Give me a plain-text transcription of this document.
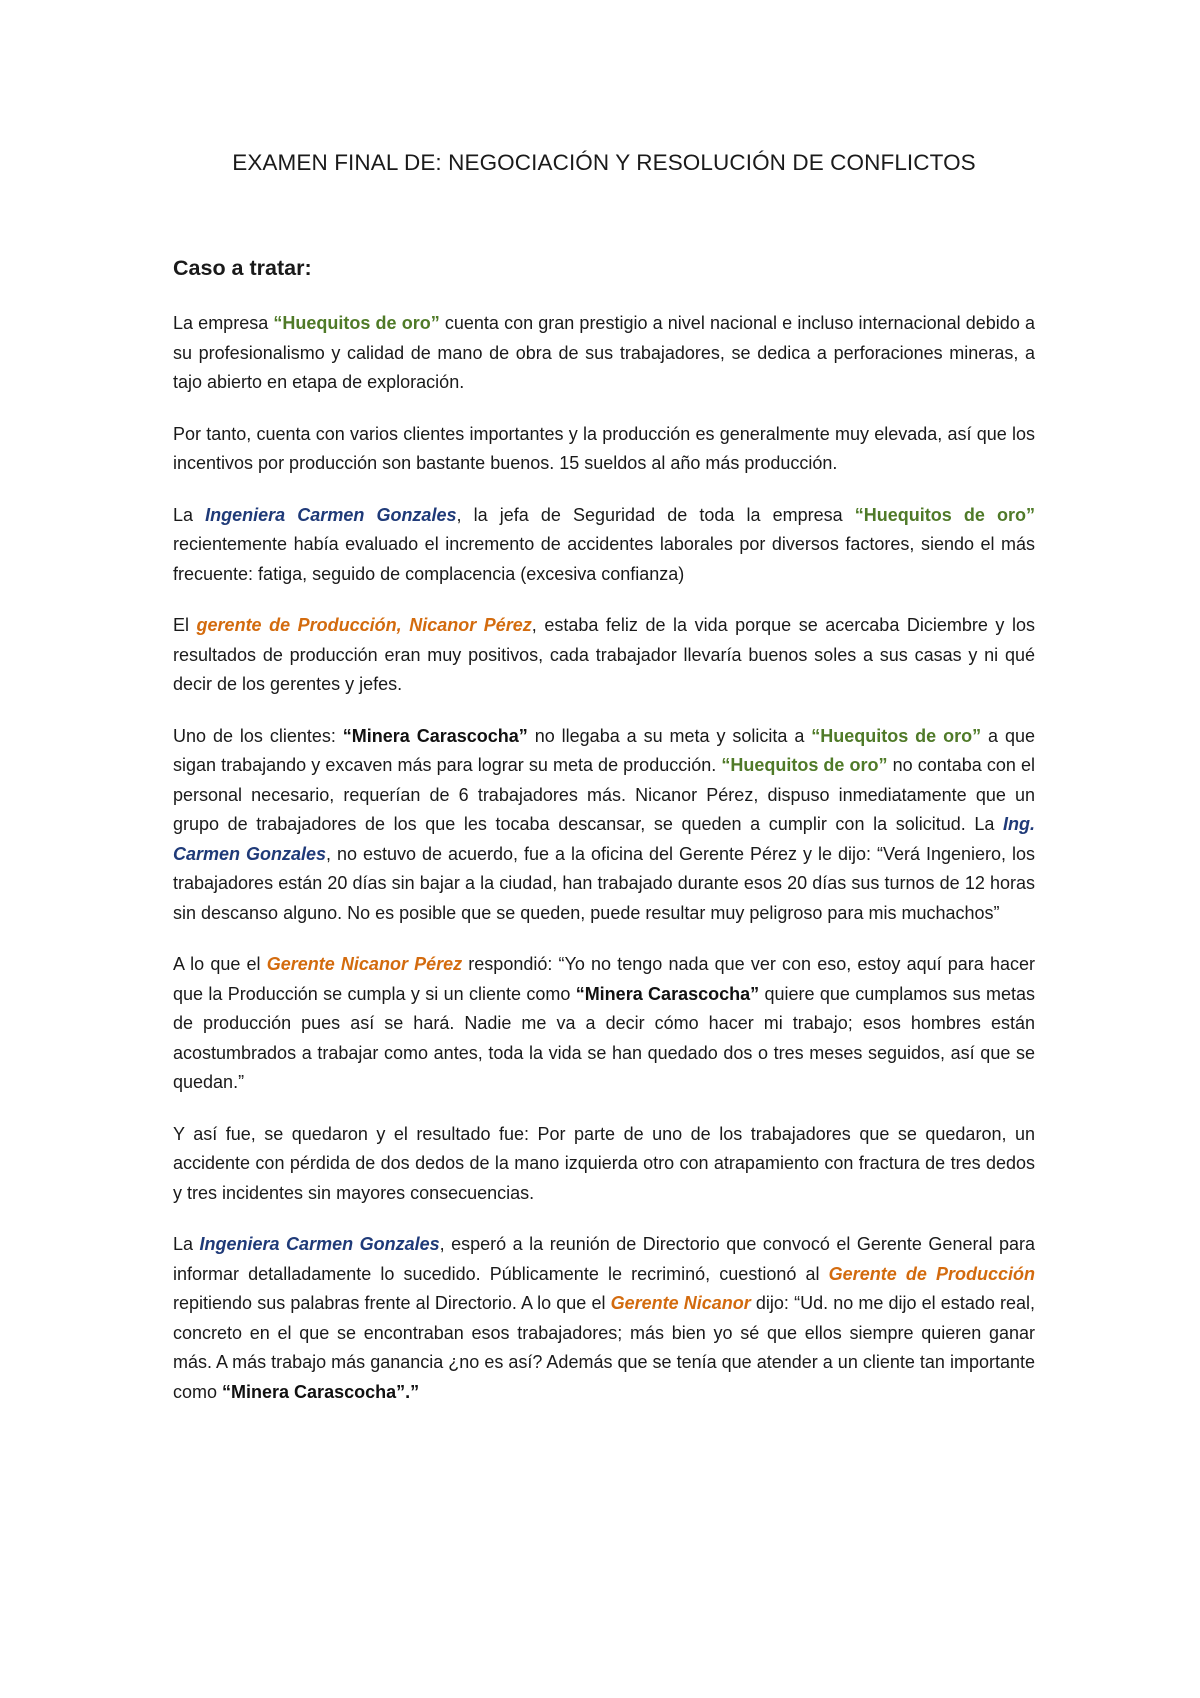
EXAMEN FINAL DE: NEGOCIACIÓN Y RESOLUCIÓN DE CONFLICTOS
Caso a tratar:

La empresa “Huequitos de oro” cuenta con gran prestigio a nivel nacional e incluso internacional debido a su profesionalismo y calidad de mano de obra de sus trabajadores, se dedica a perforaciones mineras, a tajo abierto en etapa de exploración.

Por tanto, cuenta con varios clientes importantes y la producción es generalmente muy elevada, así que los incentivos por producción son bastante buenos. 15 sueldos al año más producción.

La Ingeniera Carmen Gonzales, la jefa de Seguridad de toda la empresa “Huequitos de oro” recientemente había evaluado el incremento de accidentes laborales por diversos factores, siendo el más frecuente: fatiga, seguido de complacencia (excesiva confianza)

El gerente de Producción, Nicanor Pérez, estaba feliz de la vida porque se acercaba Diciembre y los resultados de producción eran muy positivos, cada trabajador llevaría buenos soles a sus casas y ni qué decir de los gerentes y jefes.

Uno de los clientes: “Minera Carascocha” no llegaba a su meta y solicita a “Huequitos de oro” a que sigan trabajando y excaven más para lograr su meta de producción. “Huequitos de oro” no contaba con el personal necesario, requerían de 6 trabajadores más. Nicanor Pérez, dispuso inmediatamente que un grupo de trabajadores de los que les tocaba descansar, se queden a cumplir con la solicitud. La Ing. Carmen Gonzales, no estuvo de acuerdo, fue a la oficina del Gerente Pérez y le dijo: “Verá Ingeniero, los trabajadores están 20 días sin bajar a la ciudad, han trabajado durante esos 20 días sus turnos de 12 horas sin descanso alguno. No es posible que se queden, puede resultar muy peligroso para mis muchachos”

A lo que el Gerente Nicanor Pérez respondió: “Yo no tengo nada que ver con eso, estoy aquí para hacer que la Producción se cumpla y si un cliente como “Minera Carascocha” quiere que cumplamos sus metas de producción pues así se hará. Nadie me va a decir cómo hacer mi trabajo; esos hombres están acostumbrados a trabajar como antes, toda la vida se han quedado dos o tres meses seguidos, así que se quedan.”

Y así fue, se quedaron y el resultado fue: Por parte de uno de los trabajadores que se quedaron, un accidente con pérdida de dos dedos de la mano izquierda otro con atrapamiento con fractura de tres dedos y tres incidentes sin mayores consecuencias.

La Ingeniera Carmen Gonzales, esperó a la reunión de Directorio que convocó el Gerente General para informar detalladamente lo sucedido. Públicamente le recriminó, cuestionó al Gerente de Producción repitiendo sus palabras frente al Directorio. A lo que el Gerente Nicanor dijo: “Ud. no me dijo el estado real, concreto en el que se encontraban esos trabajadores; más bien yo sé que ellos siempre quieren ganar más. A más trabajo más ganancia ¿no es así? Además que se tenía que atender a un cliente tan importante como “Minera Carascocha”.”
